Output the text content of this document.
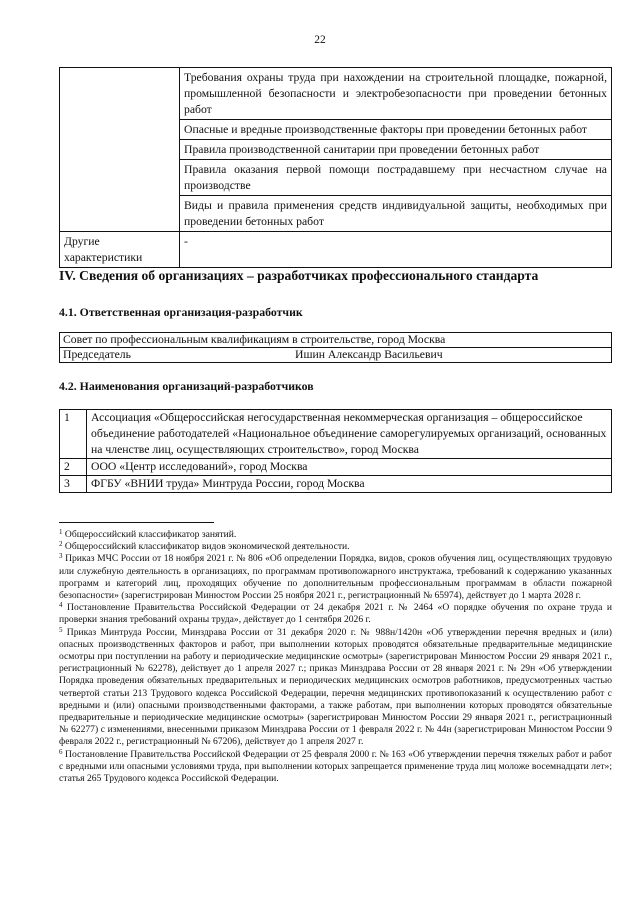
22
	Требования охраны труда при нахождении на строительной площадке, пожарной, промышленной безопасности и электробезопасности при проведении бетонных работ
	Опасные и вредные производственные факторы при проведении бетонных работ
	Правила производственной санитарии при проведении бетонных работ
	Правила оказания первой помощи пострадавшему при несчастном случае на производстве
	Виды и правила применения средств индивидуальной защиты, необходимых при проведении бетонных работ
Другие характеристики	-
IV. Сведения об организациях – разработчиках профессионального стандарта
4.1. Ответственная организация-разработчик
Совет по профессиональным квалификациям в строительстве, город Москва
Председатель	Ишин Александр Васильевич
4.2. Наименования организаций-разработчиков
1	Ассоциация «Общероссийская негосударственная некоммерческая организация – общероссийское объединение работодателей «Национальное объединение саморегулируемых организаций, основанных на членстве лиц, осуществляющих строительство», город Москва
2	ООО «Центр исследований», город Москва
3	ФГБУ «ВНИИ труда» Минтруда России, город Москва

$^1$ Общероссийский классификатор занятий.

$^2$ Общероссийский классификатор видов экономической деятельности.

$^3$ Приказ МЧС России от 18 ноября 2021 г. № 806 «Об определении Порядка, видов, сроков обучения лиц, осуществляющих трудовую или служебную деятельность в организациях, по программам противопожарного инструктажа, требований к содержанию указанных программ и категорий лиц, проходящих обучение по дополнительным профессиональным программам в области пожарной безопасности» (зарегистрирован Минюстом России 25 ноября 2021 г., регистрационный № 65974), действует до 1 марта 2028 г.

$^4$ Постановление Правительства Российской Федерации от 24 декабря 2021 г. № 2464 «О порядке обучения по охране труда и проверки знания требований охраны труда», действует до 1 сентября 2026 г.

$^5$ Приказ Минтруда России, Минздрава России от 31 декабря 2020 г. № 988н/1420н «Об утверждении перечня вредных и (или) опасных производственных факторов и работ, при выполнении которых проводятся обязательные предварительные медицинские осмотры при поступлении на работу и периодические медицинские осмотры» (зарегистрирован Минюстом России 29 января 2021 г., регистрационный № 62278), действует до 1 апреля 2027 г.; приказ Минздрава России от 28 января 2021 г. № 29н «Об утверждении Порядка проведения обязательных предварительных и периодических медицинских осмотров работников, предусмотренных частью четвертой статьи 213 Трудового кодекса Российской Федерации, перечня медицинских противопоказаний к осуществлению работ с вредными и (или) опасными производственными факторами, а также работам, при выполнении которых проводятся обязательные предварительные и периодические медицинские осмотры» (зарегистрирован Минюстом России 29 января 2021 г., регистрационный № 62277) с изменениями, внесенными приказом Минздрава России от 1 февраля 2022 г. № 44н (зарегистрирован Минюстом России 9 февраля 2022 г., регистрационный № 67206), действует до 1 апреля 2027 г.

$^6$ Постановление Правительства Российской Федерации от 25 февраля 2000 г. № 163 «Об утверждении перечня тяжелых работ и работ с вредными или опасными условиями труда, при выполнении которых запрещается применение труда лиц моложе восемнадцати лет»; статья 265 Трудового кодекса Российской Федерации.
